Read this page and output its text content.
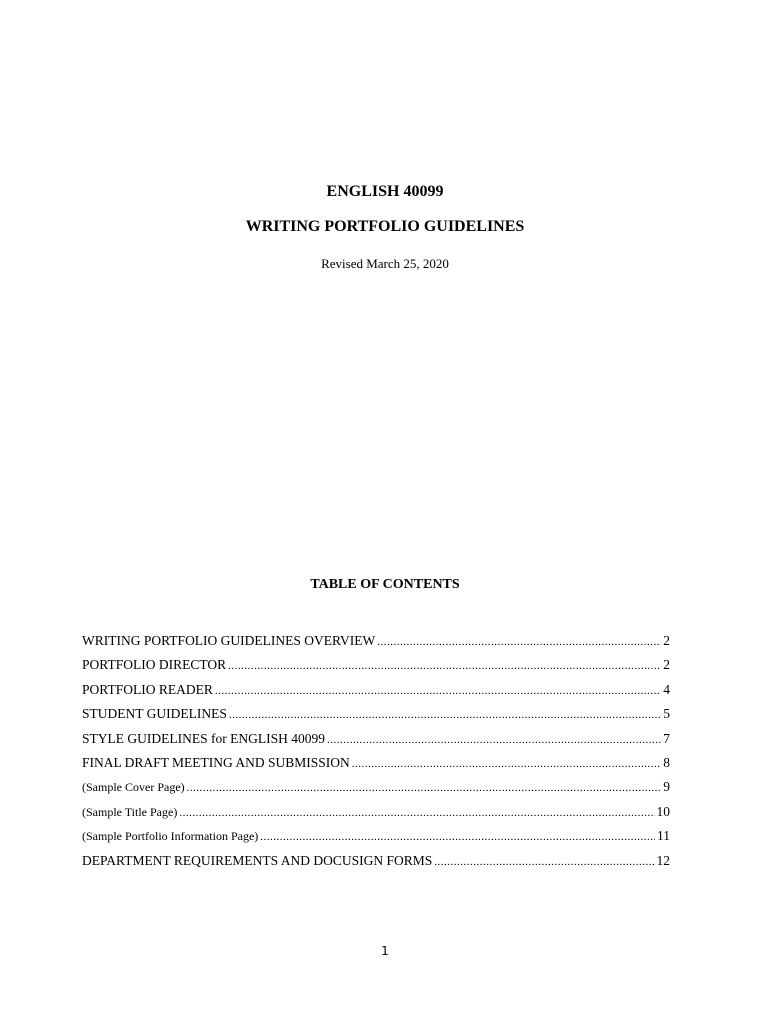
ENGLISH 40099
WRITING PORTFOLIO GUIDELINES
Revised March 25, 2020
TABLE OF CONTENTS
WRITING PORTFOLIO GUIDELINES OVERVIEW .....	2
PORTFOLIO DIRECTOR .....	2
PORTFOLIO READER .....	4
STUDENT GUIDELINES .....	5
STYLE GUIDELINES for ENGLISH 40099 .....	7
FINAL DRAFT MEETING AND SUBMISSION .....	8
(Sample Cover Page) .....	9
(Sample Title Page) .....	10
(Sample Portfolio Information Page) .....	11
DEPARTMENT REQUIREMENTS AND DOCUSIGN FORMS .....	12
1
